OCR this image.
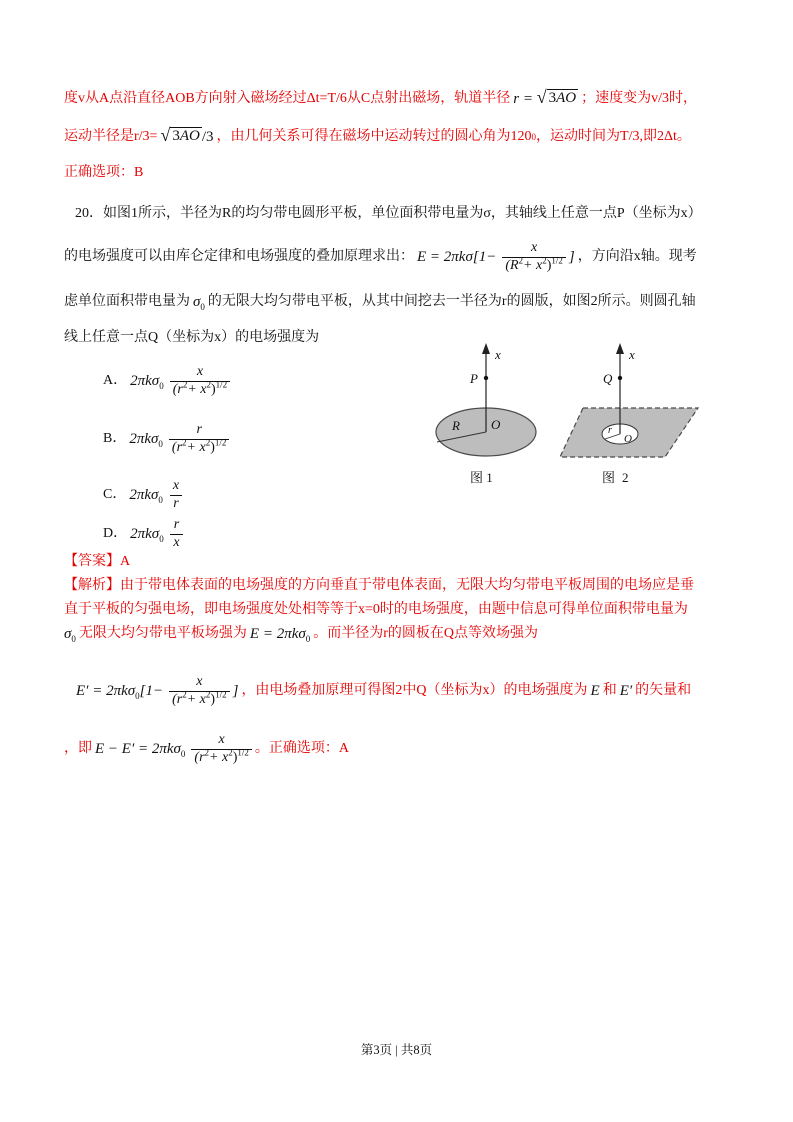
度v从A点沿直径AOB方向射入磁场经过Δt=T/6从C点射出磁场，轨道半径 r = √ 3AO ；速度变为v/3时，
运动半径是r/3= √ 3AO /3 ，由几何关系可得在磁场中运动转过的圆心角为120 0 ，运动时间为T/3,即2Δt。
正确选项：B
20．如图1所示，半径为R的均匀带电圆形平板，单位面积带电量为σ，其轴线上任意一点P（坐标为x）
的电场强度可以由库仑定律和电场强度的叠加原理求出： $E = 2\pi k\sigma[1- \frac{x}{(R^2+ x^2)^{1/2}}$ ] ，方向沿x轴。现考
虑单位面积带电量为 $\sigma_0$ 的无限大均匀带电平板，从其中间挖去一半径为r的圆版，如图2所示。则圆孔轴
线上任意一点Q（坐标为x）的电场强度为
A． $2\pi k\sigma_0 \frac{x}{(r^2+ x^2)^{1/2}}$
B． $2\pi k\sigma_0 \frac{r}{(r^2+ x^2)^{1/2}}$
C． $2\pi k\sigma_0 \frac{x}{r}$
D． $2\pi k\sigma_0 \frac{r}{x}$
x
P
R O
图 1
x
Q
r
O
图 2
【答案】A
【解析】由于带电体表面的电场强度的方向垂直于带电体表面，无限大均匀带电平板周围的电场应是垂
直于平板的匀强电场，即电场强度处处相等等于x=0时的电场强度，由题中信息可得单位面积带电量为
$\sigma_0$ 无限大均匀带电平板场强为 E = 2πkσ$_0$ 。而半径为r的圆板在Q点等效场强为
$E' = 2\pi k\sigma_0[1- \frac{x}{(r^2+ x^2)^{1/2}}$ ] ，由电场叠加原理可得图2中Q（坐标为x）的电场强度为 E 和 E′ 的矢量和
，即 $E - E' = 2\pi k\sigma_0 \frac{x}{(r^2+ x^2)^{1/2}}$ 。正确选项：A
第3页 | 共8页
